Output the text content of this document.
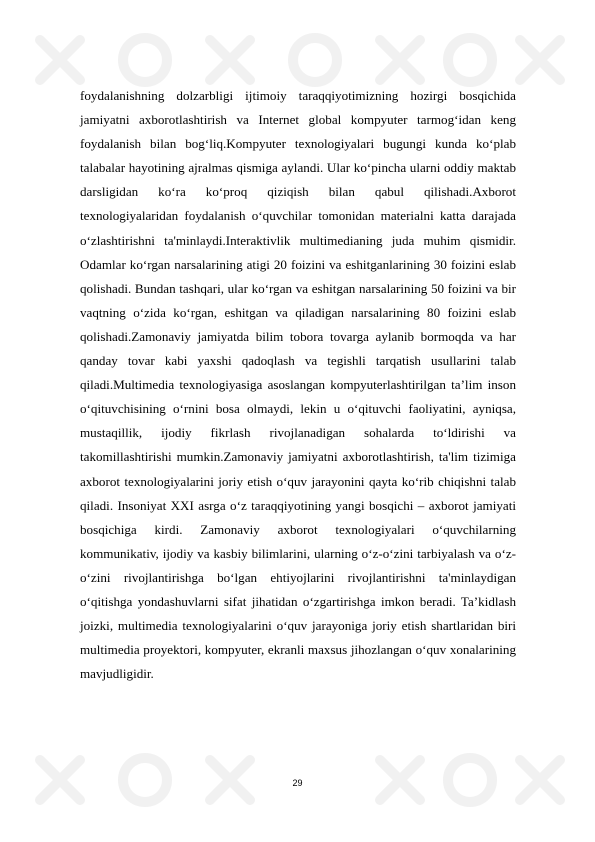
foydalanishning dolzarbligi ijtimoiy taraqqiyotimizning hozirgi bosqichida jamiyatni axborotlashtirish va Internet global kompyuter tarmog‘idan keng foydalanish bilan bog‘liq.Kompyuter texnologiyalari bugungi kunda ko‘plab talabalar hayotining ajralmas qismiga aylandi. Ular ko‘pincha ularni oddiy maktab darsligidan ko‘ra ko‘proq qiziqish bilan qabul qilishadi.Axborot texnologiyalaridan foydalanish o‘quvchilar tomonidan materialni katta darajada o‘zlashtirishni ta'minlaydi.Interaktivlik multimedianing juda muhim qismidir. Odamlar ko‘rgan narsalarining atigi 20 foizini va eshitganlarining 30 foizini eslab qolishadi. Bundan tashqari, ular ko‘rgan va eshitgan narsalarining 50 foizini va bir vaqtning o‘zida ko‘rgan, eshitgan va qiladigan narsalarining 80 foizini eslab qolishadi.Zamonaviy jamiyatda bilim tobora tovarga aylanib bormoqda va har qanday tovar kabi yaxshi qadoqlash va tegishli tarqatish usullarini talab qiladi.Multimedia texnologiyasiga asoslangan kompyuterlashtirilgan ta’lim inson o‘qituvchisining o‘rnini bosa olmaydi, lekin u o‘qituvchi faoliyatini, ayniqsa, mustaqillik, ijodiy fikrlash rivojlanadigan sohalarda to‘ldirishi va takomillashtirishi mumkin.Zamonaviy jamiyatni axborotlashtirish, ta'lim tizimiga axborot texnologiyalarini joriy etish o‘quv jarayonini qayta ko‘rib chiqishni talab qiladi. Insoniyat XXI asrga o‘z taraqqiyotining yangi bosqichi – axborot jamiyati bosqichiga kirdi. Zamonaviy axborot texnologiyalari o‘quvchilarning kommunikativ, ijodiy va kasbiy bilimlarini, ularning o‘z-o‘zini tarbiyalash va o‘z-o‘zini rivojlantirishga bo‘lgan ehtiyojlarini rivojlantirishni ta'minlaydigan o‘qitishga yondashuvlarni sifat jihatidan o‘zgartirishga imkon beradi. Ta’kidlash joizki, multimedia texnologiyalarini o‘quv jarayoniga joriy etish shartlaridan biri multimedia proyektori, kompyuter, ekranli maxsus jihozlangan o‘quv xonalarining mavjudligidir.

29
